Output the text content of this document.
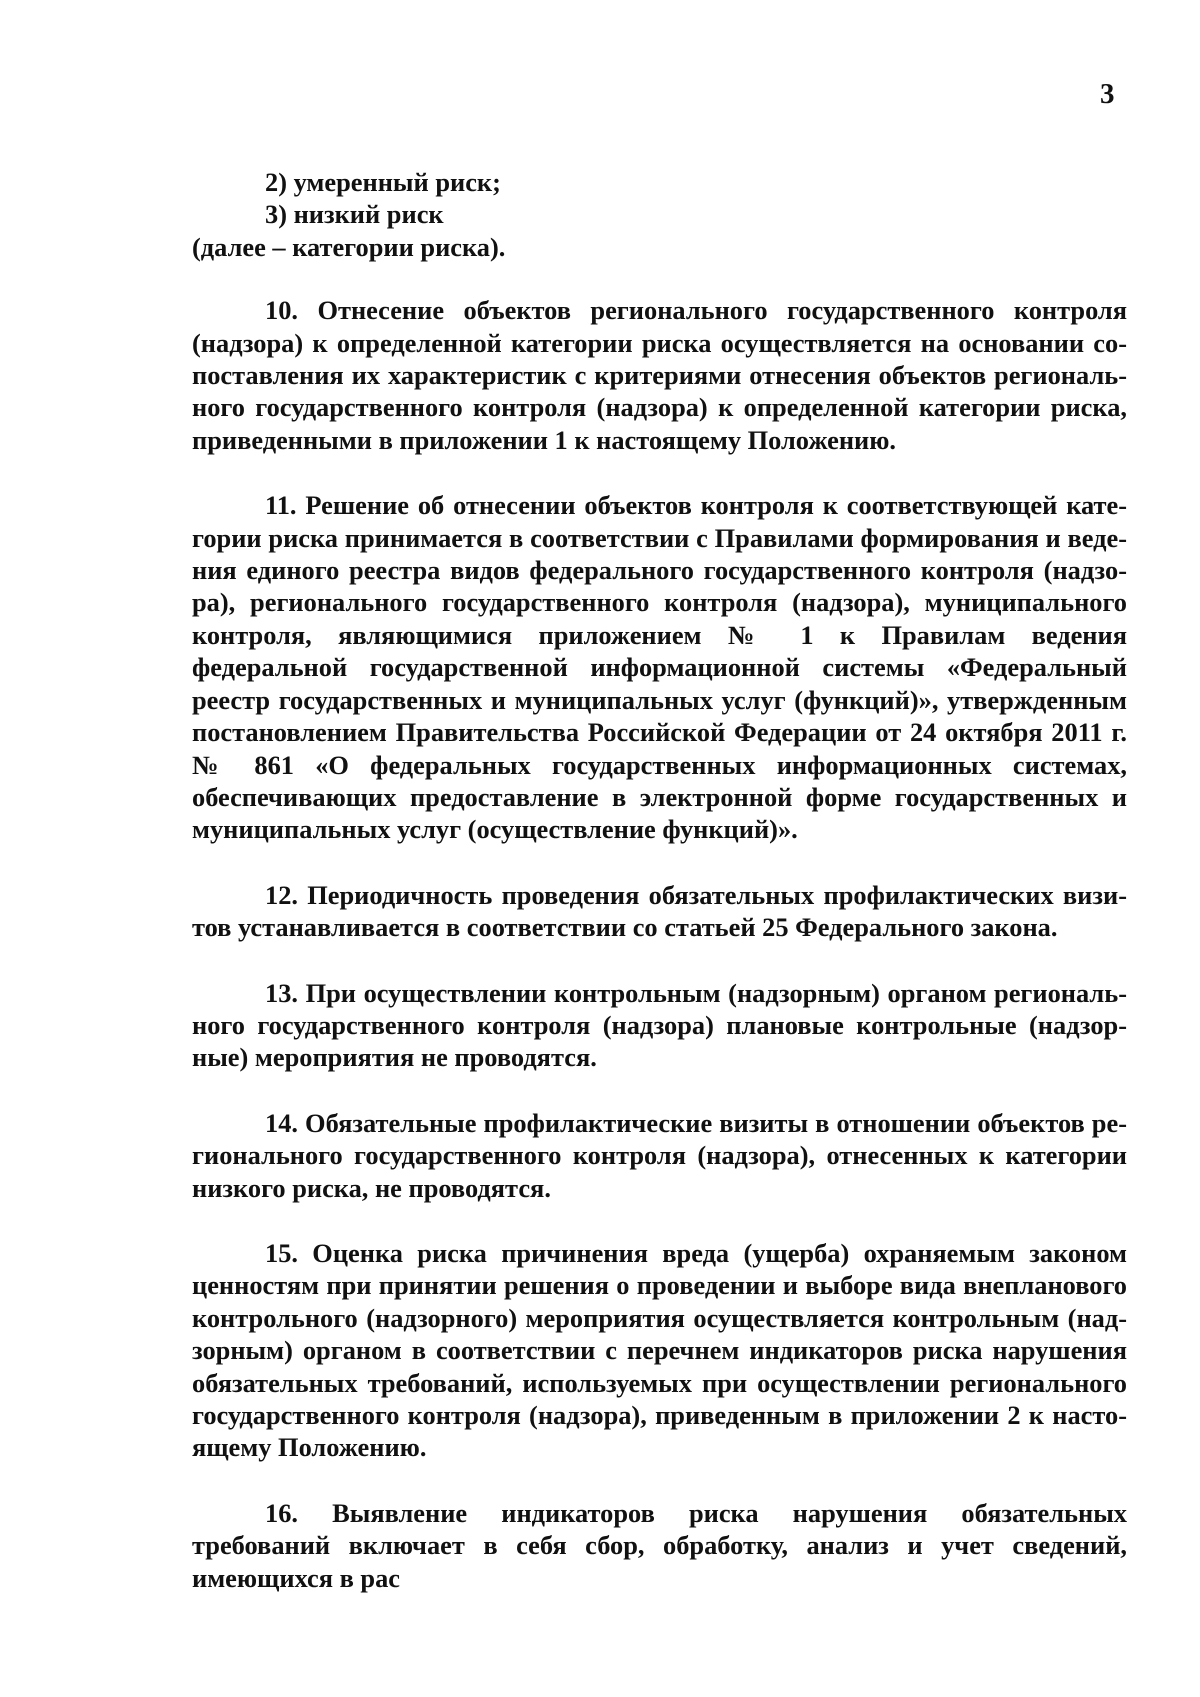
3
2) умеренный риск;
3) низкий риск
(далее – категории риска).

10. Отнесение объектов регионального государственного контроля (надзора) к определенной категории риска осуществляется на основании сопоставления их характеристик с критериями отнесения объектов регионального государственного контроля (надзора) к определенной категории риска, приведенными в приложении 1 к настоящему Положению.

11. Решение об отнесении объектов контроля к соответствующей категории риска принимается в соответствии с Правилами формирования и ведения единого реестра видов федерального государственного контроля (надзора), регионального государственного контроля (надзора), муниципального контроля, являющимися приложением № 1 к Правилам ведения федеральной государственной информационной системы «Федеральный реестр государственных и муниципальных услуг (функций)», утвержденным постановлением Правительства Российской Федерации от 24 октября 2011 г. № 861 «О федеральных государственных информационных системах, обеспечивающих предоставление в электронной форме государственных и муниципальных услуг (осуществление функций)».

12. Периодичность проведения обязательных профилактических визитов устанавливается в соответствии со статьей 25 Федерального закона.

13. При осуществлении контрольным (надзорным) органом регионального государственного контроля (надзора) плановые контрольные (надзорные) мероприятия не проводятся.

14. Обязательные профилактические визиты в отношении объектов регионального государственного контроля (надзора), отнесенных к категории низкого риска, не проводятся.

15. Оценка риска причинения вреда (ущерба) охраняемым законом ценностям при принятии решения о проведении и выборе вида внепланового контрольного (надзорного) мероприятия осуществляется контрольным (надзорным) органом в соответствии с перечнем индикаторов риска нарушения обязательных требований, используемых при осуществлении регионального государственного контроля (надзора), приведенным в приложении 2 к настоящему Положению.

16. Выявление индикаторов риска нарушения обязательных требований включает в себя сбор, обработку, анализ и учет сведений, имеющихся в рас
